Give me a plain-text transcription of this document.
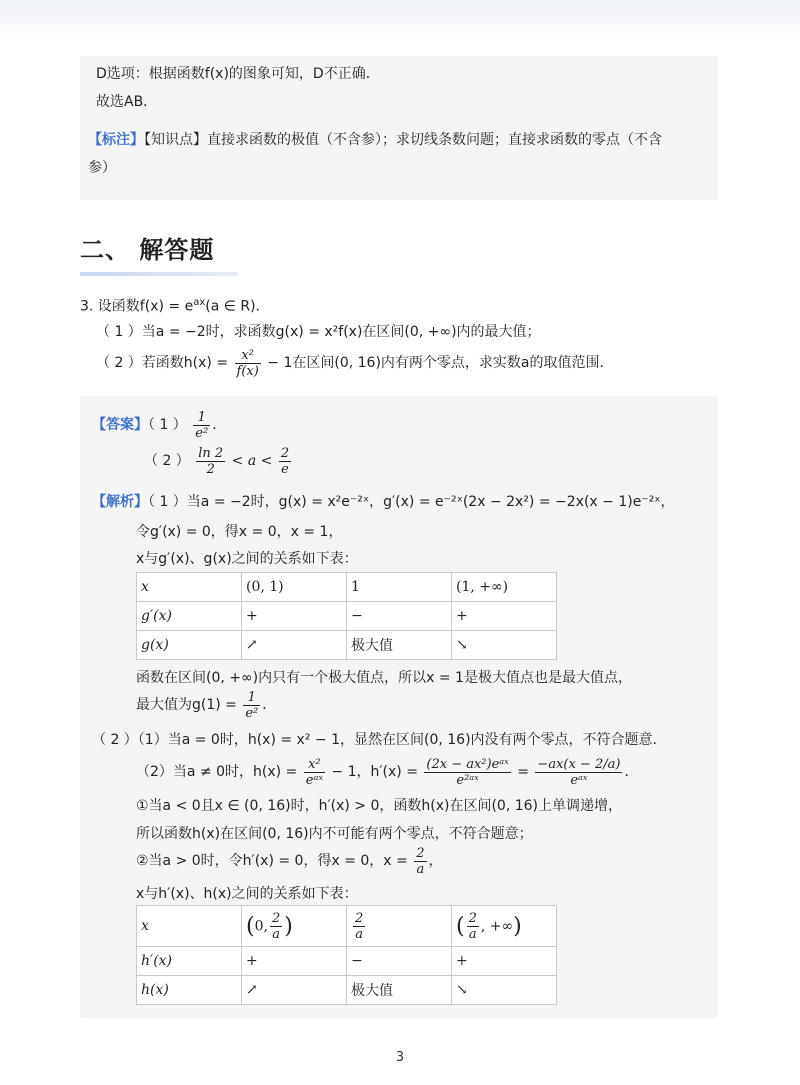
D选项：根据函数f(x)的图象可知，D不正确．
故选AB．
【标注】【知识点】直接求函数的极值（不含参）；求切线条数问题；直接求函数的零点（不含
参）
二、 解答题
3. 设函数$f(x) = e^{ax}(a$ ∈ R)．
（ 1 ）当a = −2时，求函数g(x) = x²f(x)在区间(0, +∞)内的最大值；
（ 2 ）若函数$h(x) = \frac{\text{x²}}{f(x)} - 1$在区间(0, 16)内有两个零点，求实数a的取值范围．
【答案】（ 1 ） $\frac{1}{\text{e²}}$ ．
（ 2 ） $\frac{\ln 2}{2} < a < \frac{2}{e}$
【解析】（ 1 ）当a = −2时，g(x) = x²e⁻²ˣ，g′(x) = e⁻²ˣ(2x − 2x²) = −2x(x − 1)e⁻²ˣ，
令g′(x) = 0，得x = 0，x = 1，
x与g′(x)、g(x)之间的关系如下表：
x	(0, 1)	1	(1, +∞)
g′(x)	+	−	+
g(x)	↗	极大值	↘
函数在区间(0, +∞)内只有一个极大值点，所以x = 1是极大值点也是最大值点，
最大值为$g(1) = \frac{1}{\text{e²}}$ ．
（ 2 ）（1）当a = 0时，h(x) = x² − 1，显然在区间(0, 16)内没有两个零点，不符合题意．
（2）当a ≠ 0时，$h(x) = \frac{\text{x²}}{\text{eᵃˣ}} - 1$，$h'(x) = \frac{\text{(2x − ax²)eᵃˣ}}{\text{e²ᵃˣ}} = \frac{-ax(x - 2/a)}{\text{eᵃˣ}}$ ．
①当a < 0且x ∈ (0, 16)时，h′(x) > 0，函数h(x)在区间(0, 16)上单调递增，
所以函数h(x)在区间(0, 16)内不可能有两个零点，不符合题意；
②当a > 0时，令h′(x) = 0，得x = 0，$x = \frac{2}{a}$ ，
x与h′(x)、h(x)之间的关系如下表：
x	(0, $\frac{2}{a}$ )	$\frac{2}{a}$	( $\frac{2}{a}$ , +∞)
h′(x)	+	−	+
h(x)	↗	极大值	↘
3
